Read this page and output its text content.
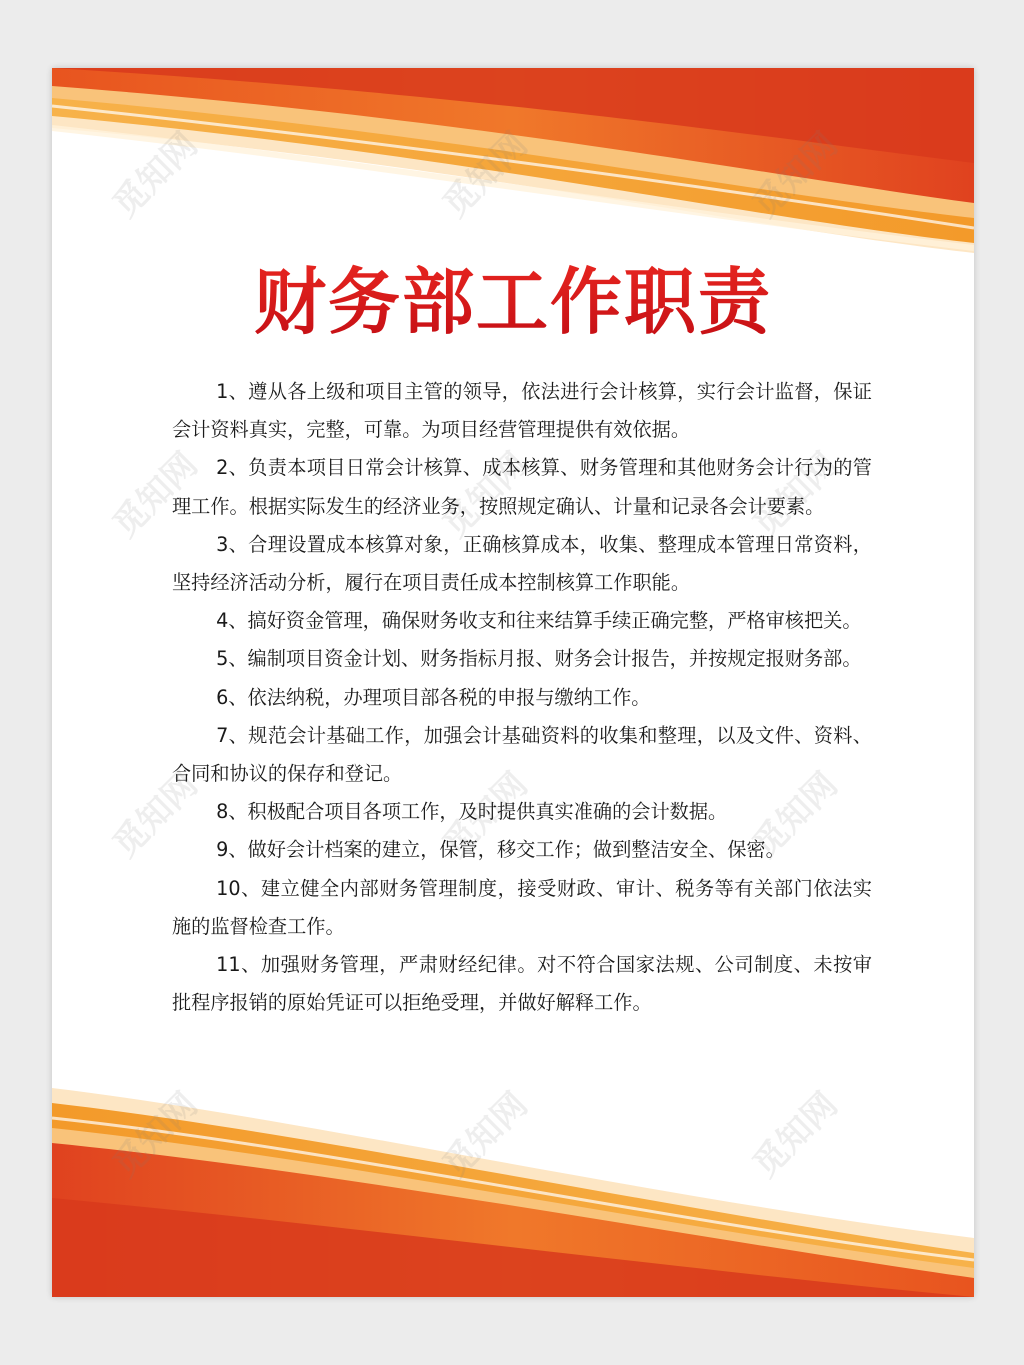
觅知网	觅知网	觅知网
觅知网	觅知网	觅知网
觅知网	觅知网	觅知网
觅知网	觅知网	觅知网
财务部工作职责
1、遵从各上级和项目主管的领导，依法进行会计核算，实行会计监督，保证会计资料真实，完整，可靠。为项目经营管理提供有效依据。
2、负责本项目日常会计核算、成本核算、财务管理和其他财务会计行为的管理工作。根据实际发生的经济业务，按照规定确认、计量和记录各会计要素。
3、合理设置成本核算对象，正确核算成本，收集、整理成本管理日常资料，坚持经济活动分析，履行在项目责任成本控制核算工作职能。
4、搞好资金管理，确保财务收支和往来结算手续正确完整，严格审核把关。
5、编制项目资金计划、财务指标月报、财务会计报告，并按规定报财务部。
6、依法纳税，办理项目部各税的申报与缴纳工作。
7、规范会计基础工作，加强会计基础资料的收集和整理，以及文件、资料、合同和协议的保存和登记。
8、积极配合项目各项工作，及时提供真实准确的会计数据。
9、做好会计档案的建立，保管，移交工作；做到整洁安全、保密。
10、建立健全内部财务管理制度，接受财政、审计、税务等有关部门依法实施的监督检查工作。
11、加强财务管理，严肃财经纪律。对不符合国家法规、公司制度、未按审批程序报销的原始凭证可以拒绝受理，并做好解释工作。
